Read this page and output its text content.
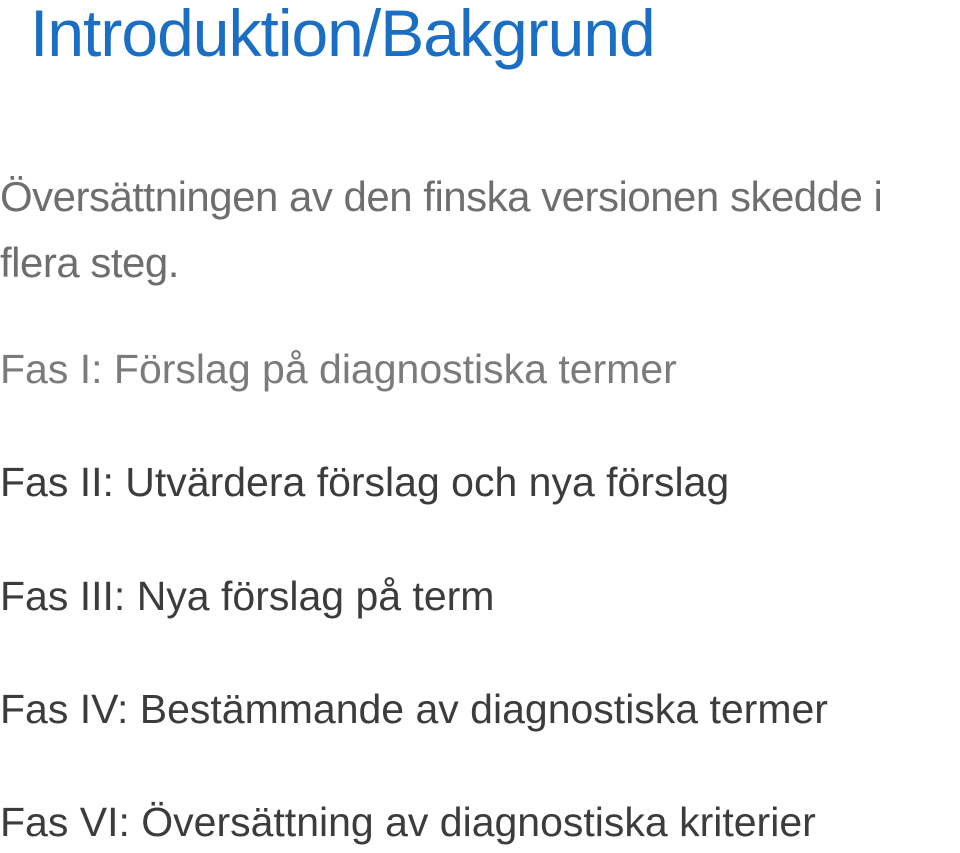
Introduktion/Bakgrund

Översättningen av den finska versionen skedde i flera steg.

Fas I: Förslag på diagnostiska termer

Fas II: Utvärdera förslag och nya förslag

Fas III: Nya förslag på term

Fas IV: Bestämmande av diagnostiska termer

Fas VI: Översättning av diagnostiska kriterier
